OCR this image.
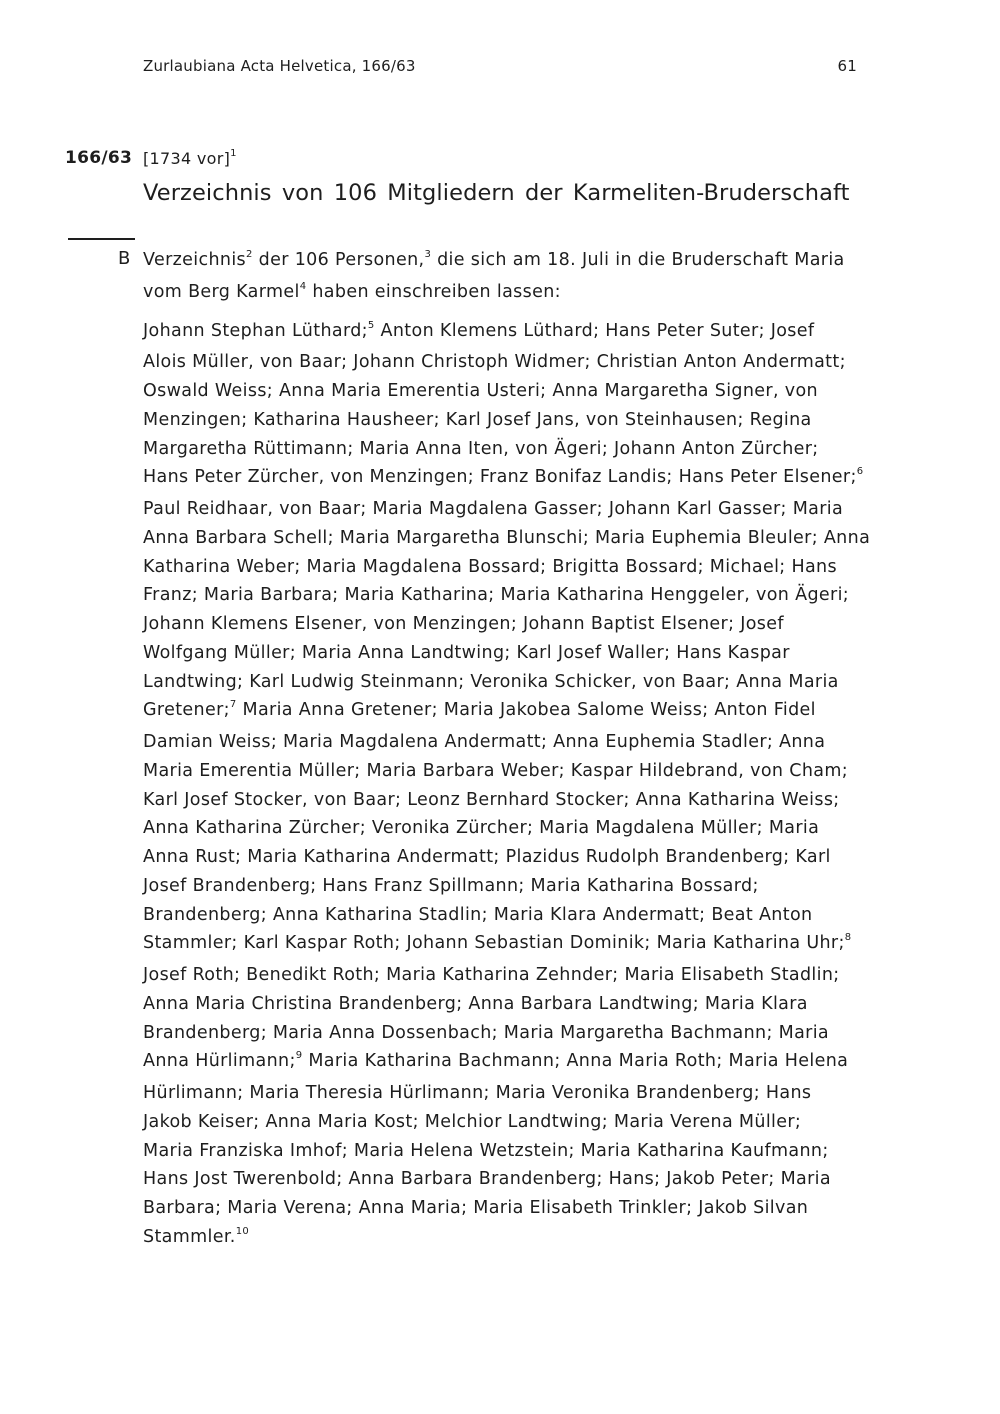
Zurlaubiana Acta Helvetica, 166/63	61
166/63 [1734 vor]$^1$
Verzeichnis von 106 Mitgliedern der Karmeliten-Bruderschaft
B Verzeichnis$^2$ der 106 Personen,$^3$ die sich am 18. Juli in die Bruderschaft Maria
vom Berg Karmel$^4$ haben einschreiben lassen:
Johann Stephan Lüthard;$^5$ Anton Klemens Lüthard; Hans Peter Suter; Josef
Alois Müller, von Baar; Johann Christoph Widmer; Christian Anton Andermatt;
Oswald Weiss; Anna Maria Emerentia Usteri; Anna Margaretha Signer, von
Menzingen; Katharina Hausheer; Karl Josef Jans, von Steinhausen; Regina
Margaretha Rüttimann; Maria Anna Iten, von Ägeri; Johann Anton Zürcher;
Hans Peter Zürcher, von Menzingen; Franz Bonifaz Landis; Hans Peter Elsener;$^6$
Paul Reidhaar, von Baar; Maria Magdalena Gasser; Johann Karl Gasser; Maria
Anna Barbara Schell; Maria Margaretha Blunschi; Maria Euphemia Bleuler; Anna
Katharina Weber; Maria Magdalena Bossard; Brigitta Bossard; Michael; Hans
Franz; Maria Barbara; Maria Katharina; Maria Katharina Henggeler, von Ägeri;
Johann Klemens Elsener, von Menzingen; Johann Baptist Elsener; Josef
Wolfgang Müller; Maria Anna Landtwing; Karl Josef Waller; Hans Kaspar
Landtwing; Karl Ludwig Steinmann; Veronika Schicker, von Baar; Anna Maria
Gretener;$^7$ Maria Anna Gretener; Maria Jakobea Salome Weiss; Anton Fidel
Damian Weiss; Maria Magdalena Andermatt; Anna Euphemia Stadler; Anna
Maria Emerentia Müller; Maria Barbara Weber; Kaspar Hildebrand, von Cham;
Karl Josef Stocker, von Baar; Leonz Bernhard Stocker; Anna Katharina Weiss;
Anna Katharina Zürcher; Veronika Zürcher; Maria Magdalena Müller; Maria
Anna Rust; Maria Katharina Andermatt; Plazidus Rudolph Brandenberg; Karl
Josef Brandenberg; Hans Franz Spillmann; Maria Katharina Bossard;
Brandenberg; Anna Katharina Stadlin; Maria Klara Andermatt; Beat Anton
Stammler; Karl Kaspar Roth; Johann Sebastian Dominik; Maria Katharina Uhr;$^8$
Josef Roth; Benedikt Roth; Maria Katharina Zehnder; Maria Elisabeth Stadlin;
Anna Maria Christina Brandenberg; Anna Barbara Landtwing; Maria Klara
Brandenberg; Maria Anna Dossenbach; Maria Margaretha Bachmann; Maria
Anna Hürlimann;$^9$ Maria Katharina Bachmann; Anna Maria Roth; Maria Helena
Hürlimann; Maria Theresia Hürlimann; Maria Veronika Brandenberg; Hans
Jakob Keiser; Anna Maria Kost; Melchior Landtwing; Maria Verena Müller;
Maria Franziska Imhof; Maria Helena Wetzstein; Maria Katharina Kaufmann;
Hans Jost Twerenbold; Anna Barbara Brandenberg; Hans; Jakob Peter; Maria
Barbara; Maria Verena; Anna Maria; Maria Elisabeth Trinkler; Jakob Silvan
Stammler.$^{10}$
